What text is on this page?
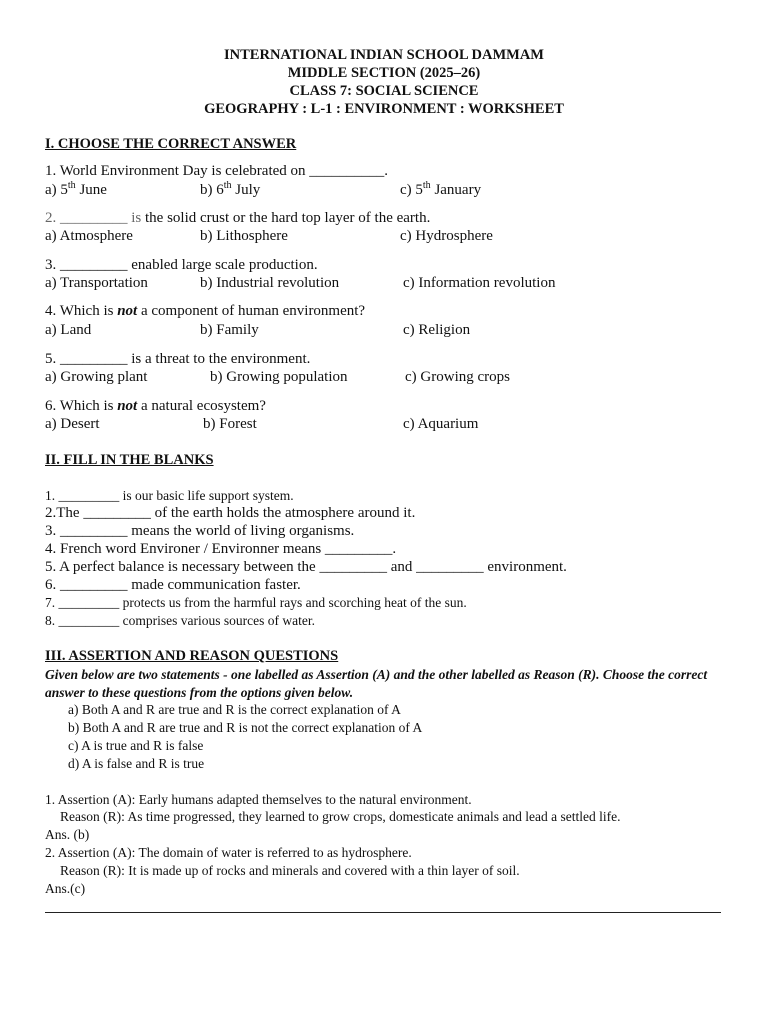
INTERNATIONAL INDIAN SCHOOL DAMMAM
MIDDLE SECTION (2025–26)
CLASS 7: SOCIAL SCIENCE
GEOGRAPHY : L-1 : ENVIRONMENT : WORKSHEET
I. CHOOSE THE CORRECT ANSWER
1. World Environment Day is celebrated on __________.
a) 5th June	b) 6th July	c) 5th January
2. _________ is the solid crust or the hard top layer of the earth.
a) Atmosphere	b) Lithosphere	c) Hydrosphere
3. _________ enabled large scale production.
a) Transportation	b) Industrial revolution	c) Information revolution
4. Which is not a component of human environment?
a) Land	b) Family	c) Religion
5. _________ is a threat to the environment.
a) Growing plant	b) Growing population	c) Growing crops
6. Which is not a natural ecosystem?
a) Desert	b) Forest	c) Aquarium
II. FILL IN THE BLANKS
1. _________ is our basic life support system.
2.The _________ of the earth holds the atmosphere around it.
3. _________ means the world of living organisms.
4. French word Environer / Environner means _________.
5. A perfect balance is necessary between the _________ and _________ environment.
6. _________ made communication faster.
7. _________ protects us from the harmful rays and scorching heat of the sun.
8. _________ comprises various sources of water.
III. ASSERTION AND REASON QUESTIONS
Given below are two statements - one labelled as Assertion (A) and the other labelled as Reason (R). Choose the correct answer to these questions from the options given below.
a) Both A and R are true and R is the correct explanation of A
b) Both A and R are true and R is not the correct explanation of A
c) A is true and R is false
d) A is false and R is true
1. Assertion (A): Early humans adapted themselves to the natural environment.
Reason (R): As time progressed, they learned to grow crops, domesticate animals and lead a settled life.
Ans. (b)
2. Assertion (A): The domain of water is referred to as hydrosphere.
Reason (R): It is made up of rocks and minerals and covered with a thin layer of soil.
Ans.(c)
